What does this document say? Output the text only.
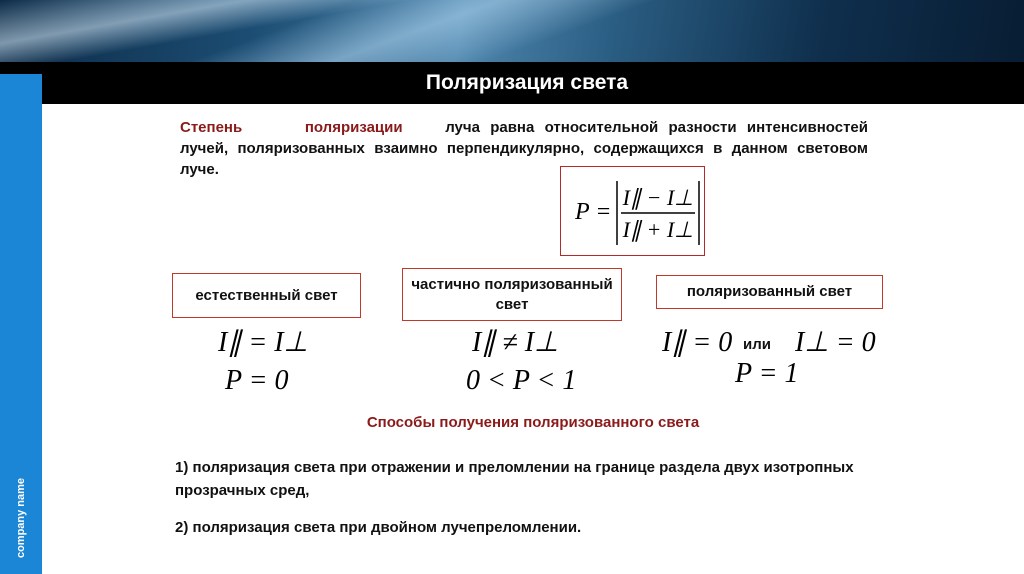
Поляризация света
company name
Степень	поляризации	луча равна относительной разности интенсивностей лучей, поляризованных взаимно перпендикулярно, содержащихся в данном световом луче.
P =
I∥ − I⊥
I∥ + I⊥
естественный свет
частично поляризованный свет
поляризованный свет
I∥ = I⊥
P = 0
I∥ ≠ I⊥
0 < P < 1
I∥ = 0 или I⊥ = 0
P = 1
Способы получения поляризованного света
1) поляризация света при отражении и преломлении на границе раздела двух изотропных прозрачных сред,
2) поляризация света при двойном лучепреломлении.
